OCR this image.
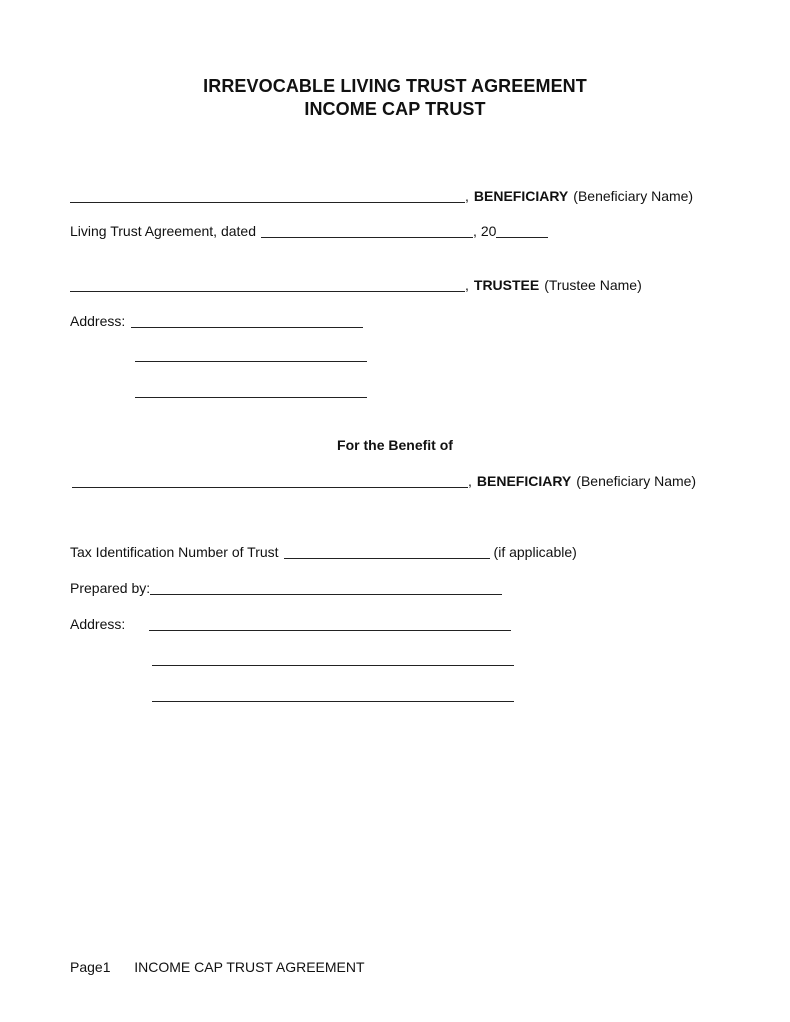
IRREVOCABLE LIVING TRUST AGREEMENT
INCOME CAP TRUST
, BENEFICIARY (Beneficiary Name)
Living Trust Agreement, dated	, 20
, TRUSTEE (Trustee Name)
Address:
For the Benefit of
, BENEFICIARY (Beneficiary Name)
Tax Identification Number of Trust	(if applicable)
Prepared by:
Address:
Page1 INCOME CAP TRUST AGREEMENT
